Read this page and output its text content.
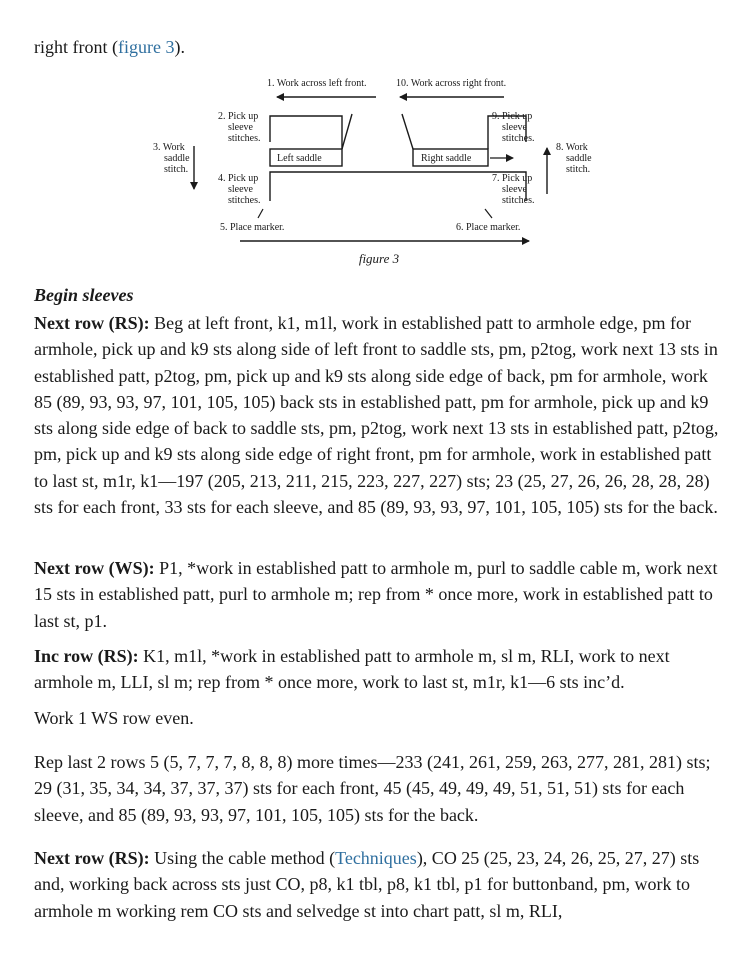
right front (figure 3).

1. Work across left front.	10. Work across right front.
Left saddle	Right saddle
2. Pick up
sleeve
stitches.
3. Work
saddle
stitch.
4. Pick up
sleeve
stitches.
5. Place marker.
9. Pick up
sleeve
stitches.
8. Work
saddle
stitch.
7. Pick up
sleeve
stitches.
6. Place marker.

figure 3

Begin sleeves

Next row (RS): Beg at left front, k1, m1l, work in established patt to armhole edge, pm for armhole, pick up and k9 sts along side of left front to saddle sts, pm, p2tog, work next 13 sts in established patt, p2tog, pm, pick up and k9 sts along side edge of back, pm for armhole, work 85 (89, 93, 93, 97, 101, 105, 105) back sts in established patt, pm for armhole, pick up and k9 sts along side edge of back to saddle sts, pm, p2tog, work next 13 sts in established patt, p2tog, pm, pick up and k9 sts along side edge of right front, pm for armhole, work in established patt to last st, m1r, k1—197 (205, 213, 211, 215, 223, 227, 227) sts; 23 (25, 27, 26, 26, 28, 28, 28) sts for each front, 33 sts for each sleeve, and 85 (89, 93, 93, 97, 101, 105, 105) sts for the back.

Next row (WS): P1, *work in established patt to armhole m, purl to saddle cable m, work next 15 sts in established patt, purl to armhole m; rep from * once more, work in established patt to last st, p1.

Inc row (RS): K1, m1l, *work in established patt to armhole m, sl m, RLI, work to next armhole m, LLI, sl m; rep from * once more, work to last st, m1r, k1—6 sts inc’d.

Work 1 WS row even.

Rep last 2 rows 5 (5, 7, 7, 7, 8, 8, 8) more times—233 (241, 261, 259, 263, 277, 281, 281) sts; 29 (31, 35, 34, 34, 37, 37, 37) sts for each front, 45 (45, 49, 49, 49, 51, 51, 51) sts for each sleeve, and 85 (89, 93, 93, 97, 101, 105, 105) sts for the back.

Next row (RS): Using the cable method (Techniques), CO 25 (25, 23, 24, 26, 25, 27, 27) sts and, working back across sts just CO, p8, k1 tbl, p8, k1 tbl, p1 for buttonband, pm, work to armhole m working rem CO sts and selvedge st into chart patt, sl m, RLI,
